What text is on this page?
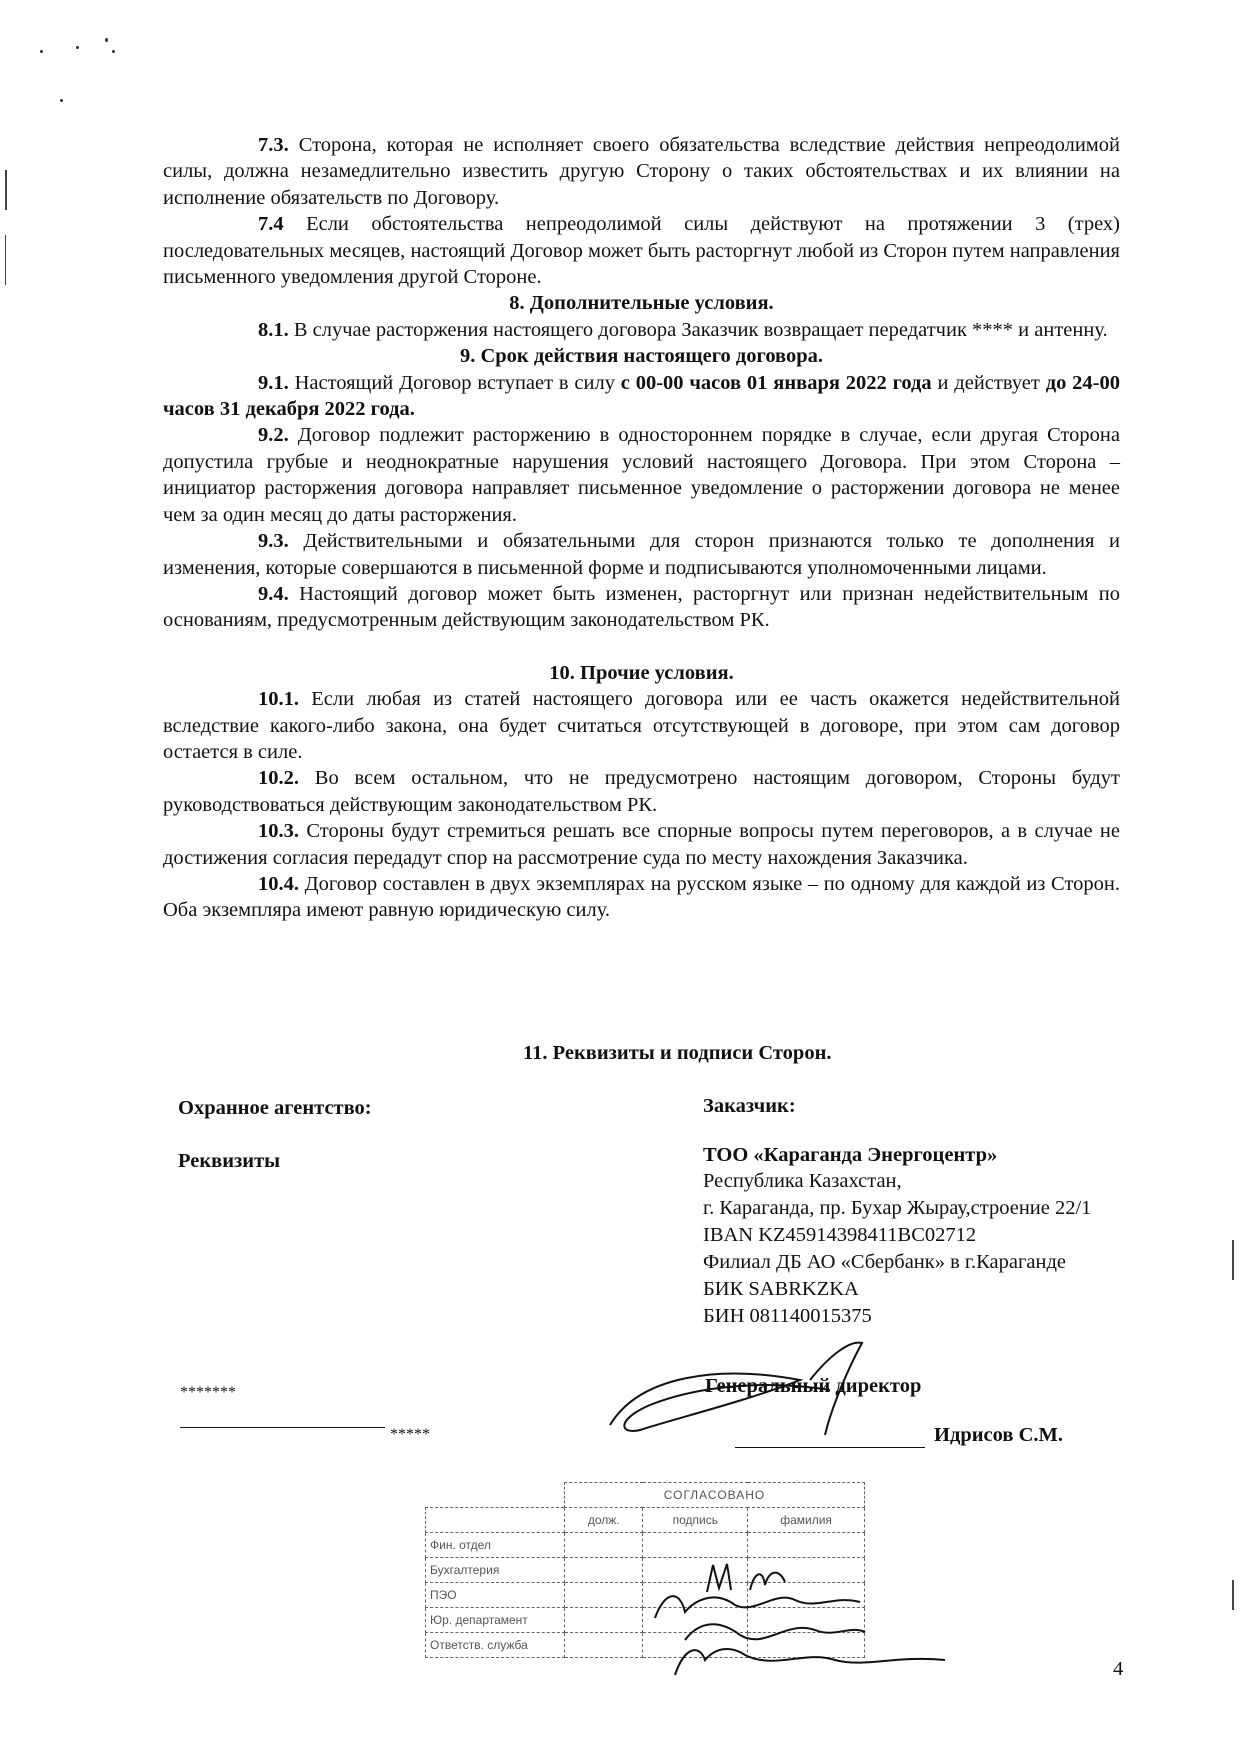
7.3. Сторона, которая не исполняет своего обязательства вследствие действия непреодолимой силы, должна незамедлительно известить другую Сторону о таких обстоятельствах и их влиянии на исполнение обязательств по Договору.

7.4 Если обстоятельства непреодолимой силы действуют на протяжении 3 (трех) последовательных месяцев, настоящий Договор может быть расторгнут любой из Сторон путем направления письменного уведомления другой Стороне.

8. Дополнительные условия.

8.1. В случае расторжения настоящего договора Заказчик возвращает передатчик **** и антенну.

9. Срок действия настоящего договора.

9.1. Настоящий Договор вступает в силу с 00-00 часов 01 января 2022 года и действует до 24-00 часов 31 декабря 2022 года.

9.2. Договор подлежит расторжению в одностороннем порядке в случае, если другая Сторона допустила грубые и неоднократные нарушения условий настоящего Договора. При этом Сторона – инициатор расторжения договора направляет письменное уведомление о расторжении договора не менее чем за один месяц до даты расторжения.

9.3. Действительными и обязательными для сторон признаются только те дополнения и изменения, которые совершаются в письменной форме и подписываются уполномоченными лицами.

9.4. Настоящий договор может быть изменен, расторгнут или признан недействительным по основаниям, предусмотренным действующим законодательством РК.

10. Прочие условия.

10.1. Если любая из статей настоящего договора или ее часть окажется недействительной вследствие какого-либо закона, она будет считаться отсутствующей в договоре, при этом сам договор остается в силе.

10.2. Во всем остальном, что не предусмотрено настоящим договором, Стороны будут руководствоваться действующим законодательством РК.

10.3. Стороны будут стремиться решать все спорные вопросы путем переговоров, а в случае не достижения согласия передадут спор на рассмотрение суда по месту нахождения Заказчика.

10.4. Договор составлен в двух экземплярах на русском языке – по одному для каждой из Сторон. Оба экземпляра имеют равную юридическую силу.

11. Реквизиты и подписи Сторон.
Охранное агентство:
Реквизиты
Заказчик:
ТОО «Караганда Энергоцентр»
Республика Казахстан,
г. Караганда, пр. Бухар Жырау,строение 22/1
IBAN KZ45914398411BC02712
Филиал ДБ АО «Сбербанк» в г.Караганде
БИК SABRKZKA
БИН 081140015375
*******
*****
Генеральный директор
Идрисов С.М.
	СОГЛАСОВАНО		
	долж.	подпись	фамилия
Фин. отдел			
Бухгалтерия			
ПЭО			
Юр. департамент			
Ответств. служба			
4
